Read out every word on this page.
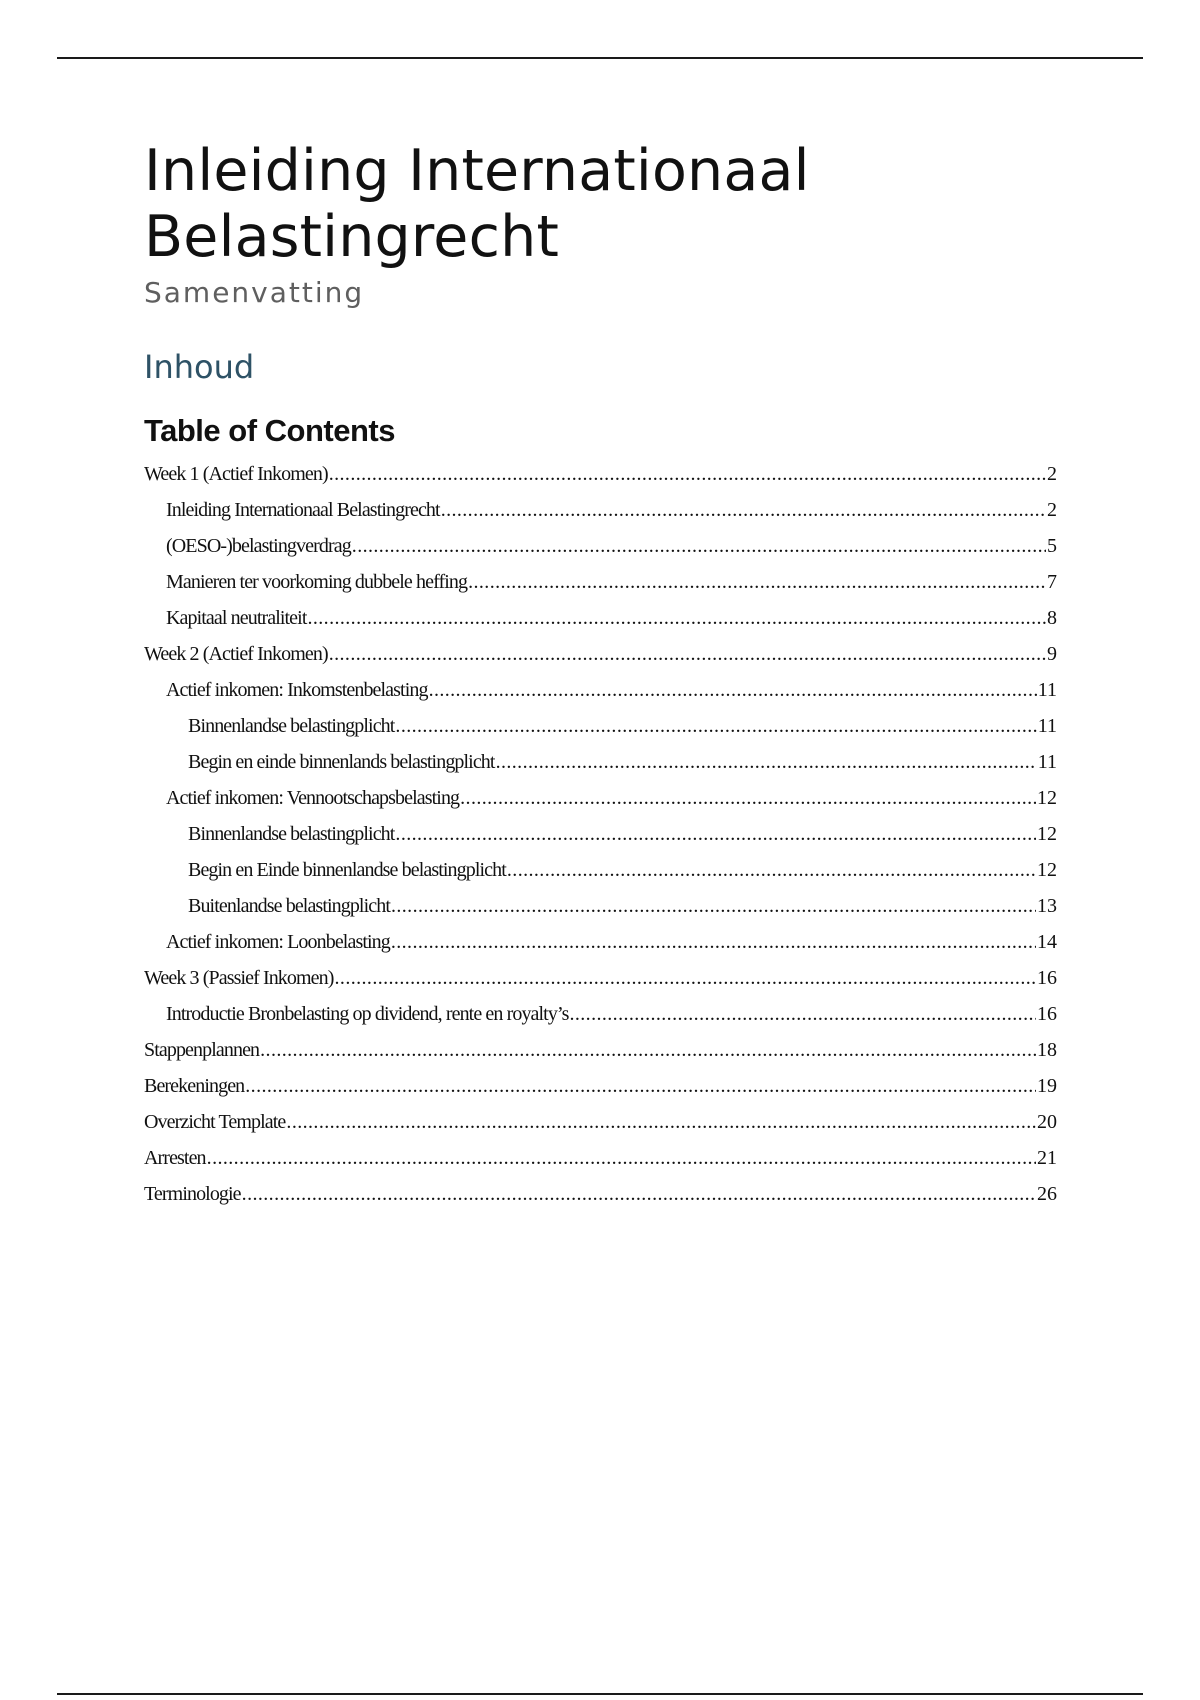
Inleiding Internationaal Belastingrecht
Samenvatting
Inhoud
Table of Contents
Week 1 (Actief Inkomen) .....	2
Inleiding Internationaal Belastingrecht .....	2
(OESO-)belastingverdrag .....	5
Manieren ter voorkoming dubbele heffing .....	7
Kapitaal neutraliteit .....	8
Week 2 (Actief Inkomen) .....	9
Actief inkomen: Inkomstenbelasting .....	11
Binnenlandse belastingplicht .....	11
Begin en einde binnenlands belastingplicht .....	11
Actief inkomen: Vennootschapsbelasting .....	12
Binnenlandse belastingplicht .....	12
Begin en Einde binnenlandse belastingplicht .....	12
Buitenlandse belastingplicht .....	13
Actief inkomen: Loonbelasting .....	14
Week 3 (Passief Inkomen) .....	16
Introductie Bronbelasting op dividend, rente en royalty’s .....	16
Stappenplannen .....	18
Berekeningen .....	19
Overzicht Template .....	20
Arresten .....	21
Terminologie .....	26
